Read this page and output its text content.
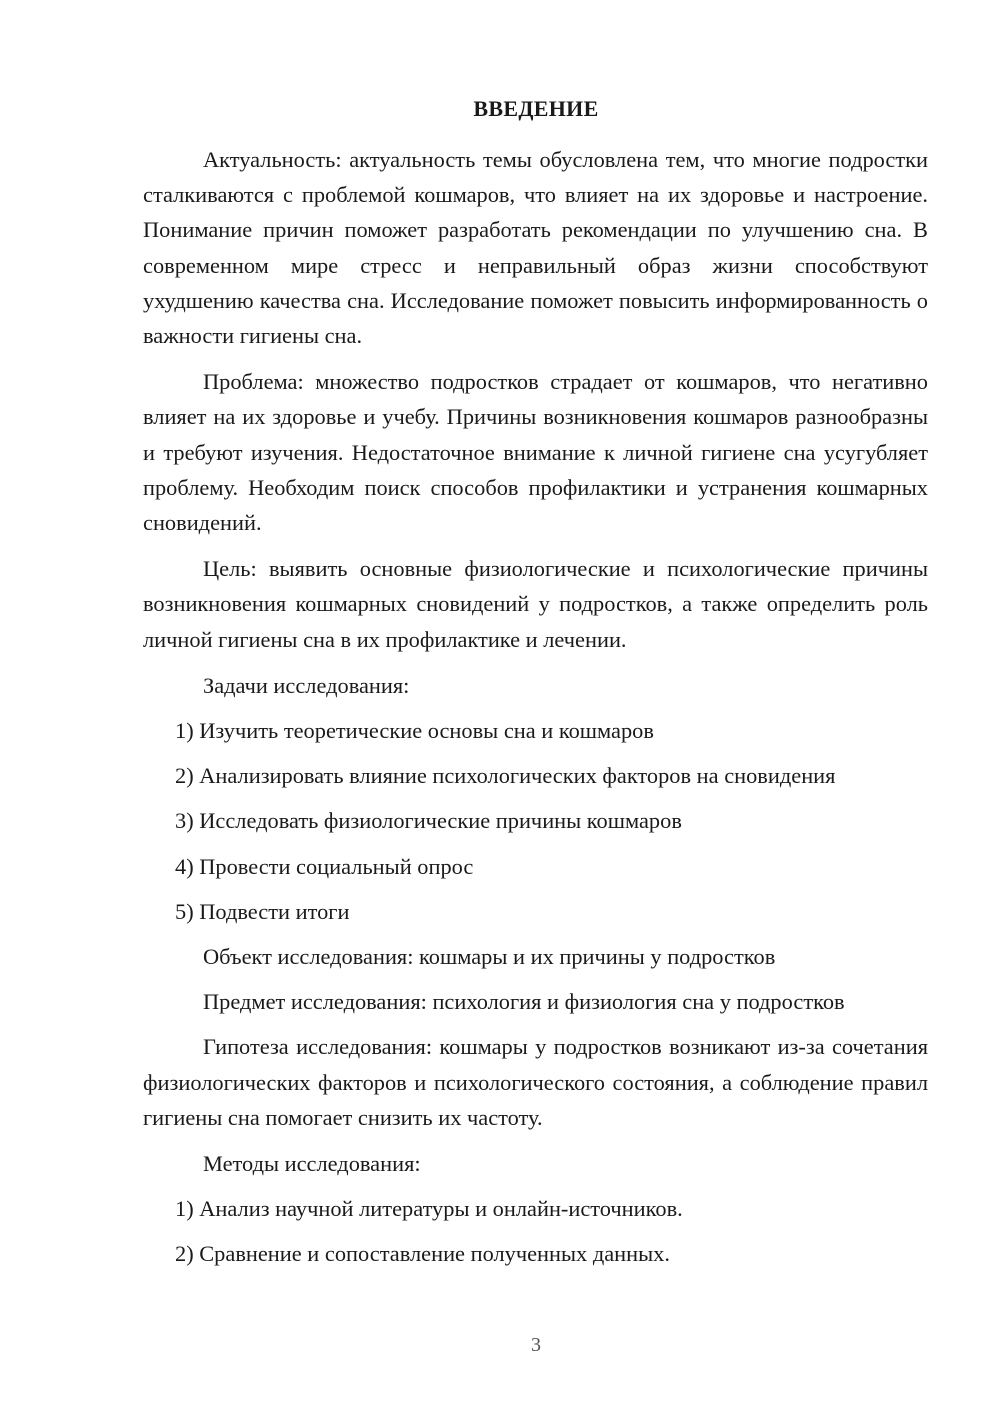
ВВЕДЕНИЕ

Актуальность: актуальность темы обусловлена тем, что многие подростки сталкиваются с проблемой кошмаров, что влияет на их здоровье и настроение. Понимание причин поможет разработать рекомендации по улучшению сна. В современном мире стресс и неправильный образ жизни способствуют ухудшению качества сна. Исследование поможет повысить информированность о важности гигиены сна.

Проблема: множество подростков страдает от кошмаров, что негативно влияет на их здоровье и учебу. Причины возникновения кошмаров разнообразны и требуют изучения. Недостаточное внимание к личной гигиене сна усугубляет проблему. Необходим поиск способов профилактики и устранения кошмарных сновидений.

Цель: выявить основные физиологические и психологические причины возникновения кошмарных сновидений у подростков, а также определить роль личной гигиены сна в их профилактике и лечении.

Задачи исследования:

1) Изучить теоретические основы сна и кошмаров

2) Анализировать влияние психологических факторов на сновидения

3) Исследовать физиологические причины кошмаров

4) Провести социальный опрос

5) Подвести итоги

Объект исследования: кошмары и их причины у подростков

Предмет исследования: психология и физиология сна у подростков

Гипотеза исследования: кошмары у подростков возникают из-за сочетания физиологических факторов и психологического состояния, а соблюдение правил гигиены сна помогает снизить их частоту.

Методы исследования:

1) Анализ научной литературы и онлайн-источников.

2) Сравнение и сопоставление полученных данных.

3
